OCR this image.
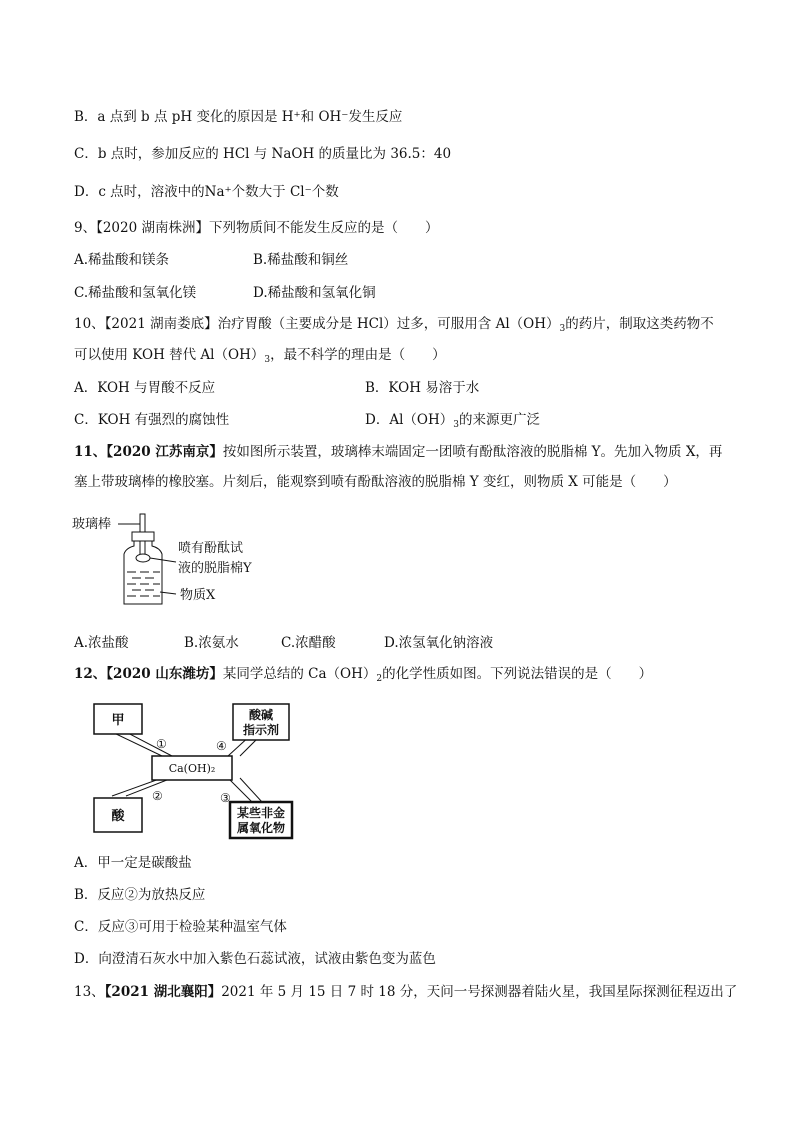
B．a 点到 b 点 pH 变化的原因是 H⁺和 OH⁻发生反应
C．b 点时，参加反应的 HCl 与 NaOH 的质量比为 36.5：40
D．c 点时，溶液中的Na⁺个数大于 Cl⁻个数
9、【2020 湖南株洲】下列物质间不能发生反应的是（　　）
A.稀盐酸和镁条	B.稀盐酸和铜丝
C.稀盐酸和氢氧化镁	D.稀盐酸和氢氧化铜
10、【2021 湖南娄底】治疗胃酸（主要成分是 HCl）过多，可服用含 $Al(OH)_3$的药片，制取这类药物不
可以使用 KOH 替代 $Al(OH)_3$，最不科学的理由是（　　）
A．KOH 与胃酸不反应	B．KOH 易溶于水
C．KOH 有强烈的腐蚀性	D．$Al(OH)_3$的来源更广泛
11、【2020 江苏南京】按如图所示装置，玻璃棒末端固定一团喷有酚酞溶液的脱脂棉 Y。先加入物质 X，再
塞上带玻璃棒的橡胶塞。片刻后，能观察到喷有酚酞溶液的脱脂棉 Y 变红，则物质 X 可能是（　　）
玻璃棒
喷有酚酞试
液的脱脂棉Y
物质X
A.浓盐酸	B.浓氨水	C.浓醋酸	D.浓氢氧化钠溶液
12、【2020 山东潍坊】某同学总结的 $Ca(OH)_2$的化学性质如图。下列说法错误的是（　　）
甲	酸碱
指示剂
Ca(OH)₂
酸	某些非金
属氧化物
①	④
②	③
A．甲一定是碳酸盐
B．反应②为放热反应
C．反应③可用于检验某种温室气体
D．向澄清石灰水中加入紫色石蕊试液，试液由紫色变为蓝色
13、【2021 湖北襄阳】2021 年 5 月 15 日 7 时 18 分，天问一号探测器着陆火星，我国星际探测征程迈出了
